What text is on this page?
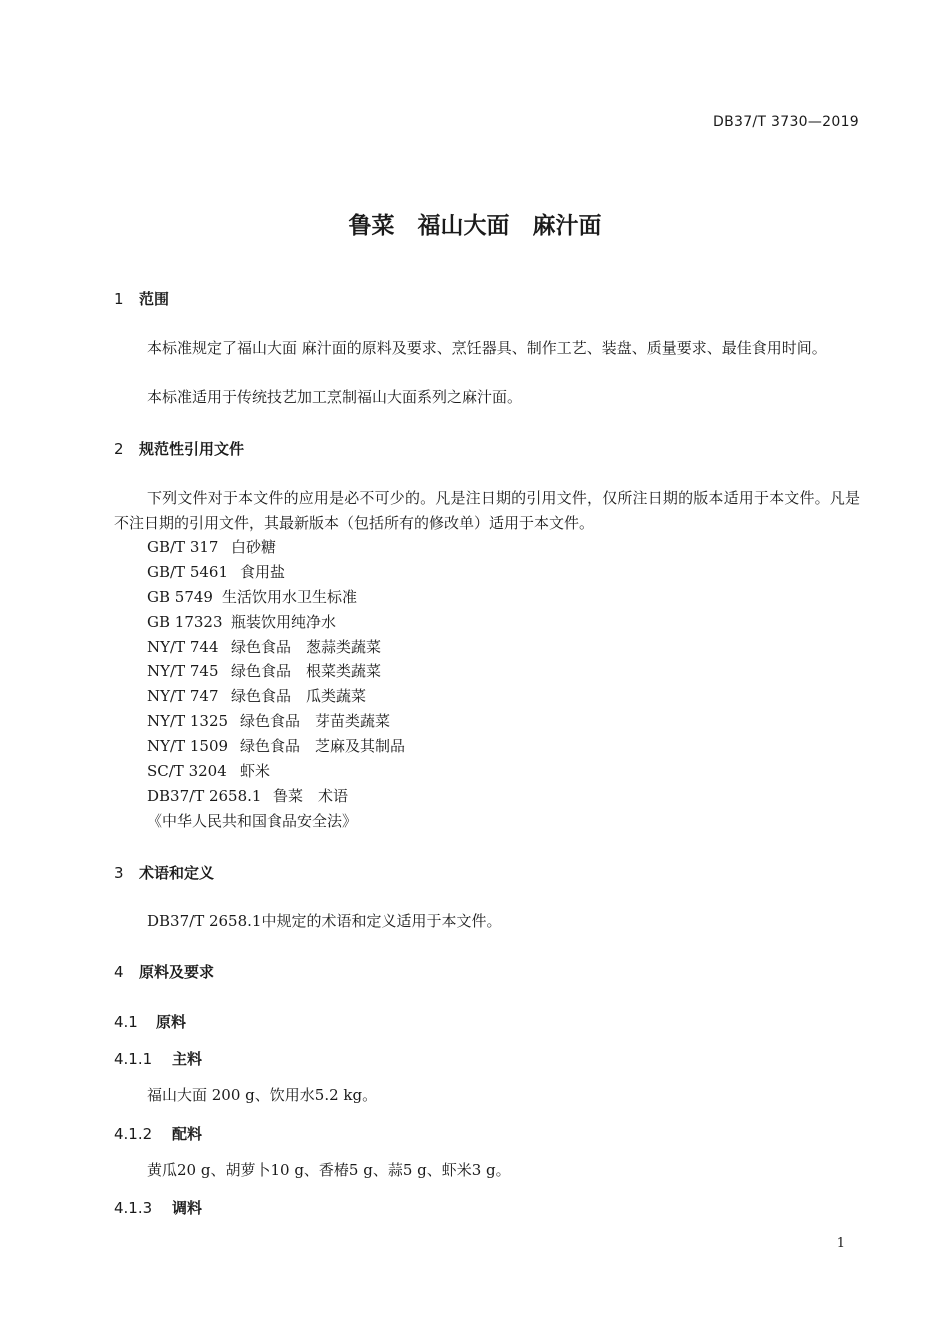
DB37/T 3730—2019
鲁菜　福山大面　麻汁面
1 范围
本标准规定了福山大面 麻汁面的原料及要求、烹饪器具、制作工艺、装盘、质量要求、最佳食用时间。
本标准适用于传统技艺加工烹制福山大面系列之麻汁面。
2 规范性引用文件
下列文件对于本文件的应用是必不可少的。凡是注日期的引用文件，仅所注日期的版本适用于本文件。凡是不注日期的引用文件，其最新版本（包括所有的修改单）适用于本文件。
GB/T 317 白砂糖
GB/T 5461 食用盐
GB 5749 生活饮用水卫生标准
GB 17323 瓶装饮用纯净水
NY/T 744 绿色食品　葱蒜类蔬菜
NY/T 745 绿色食品　根菜类蔬菜
NY/T 747 绿色食品　瓜类蔬菜
NY/T 1325 绿色食品　芽苗类蔬菜
NY/T 1509 绿色食品　芝麻及其制品
SC/T 3204 虾米
DB37/T 2658.1 鲁菜　术语
《中华人民共和国食品安全法》
3 术语和定义
DB37/T 2658.1中规定的术语和定义适用于本文件。
4 原料及要求
4.1 原料
4.1.1 主料
福山大面 200 g、饮用水5.2 kg。
4.1.2 配料
黄瓜20 g、胡萝卜10 g、香椿5 g、蒜5 g、虾米3 g。
4.1.3 调料
1
